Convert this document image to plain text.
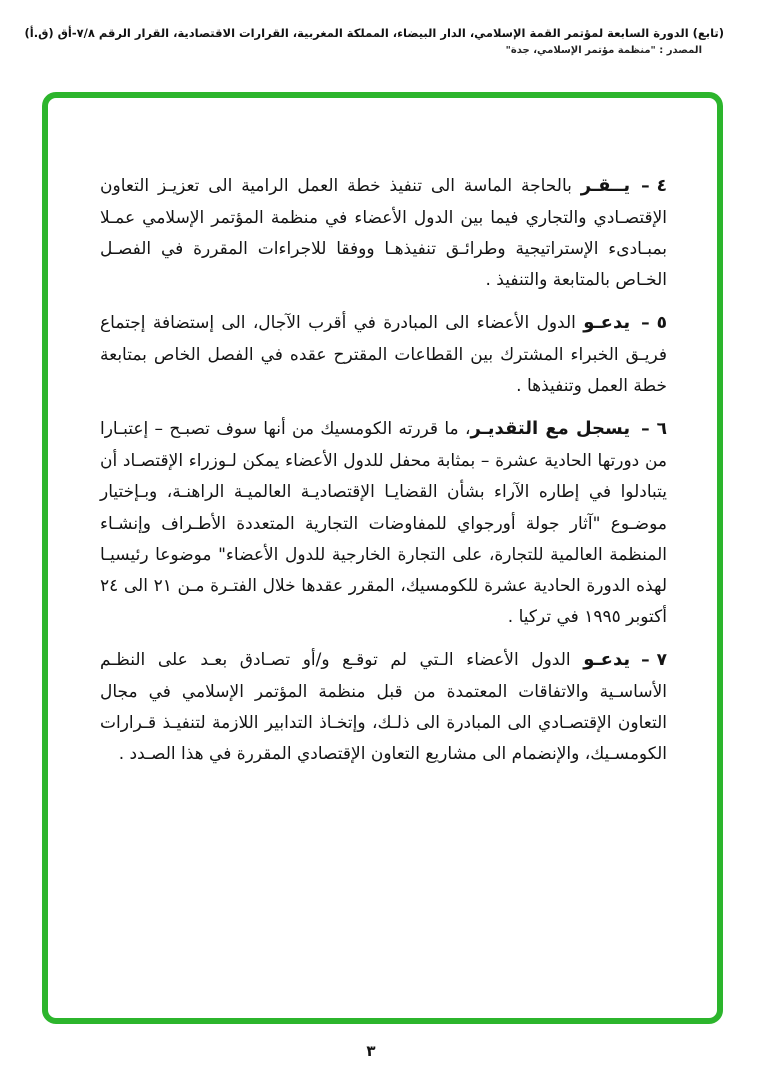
(تابع) الدورة السابعة لمؤتمر القمة الإسلامي، الدار البيضاء، المملكة المغربية، القرارات الاقتصادية، القرار الرقم ٧/٨-أق (ق.أ)
المصدر : "منظمة مؤتمر الإسلامي، جدة"
٤–يــقـر بالحاجة الماسة الى تنفيذ خطة العمل الرامية الى تعزيـز التعاون الإقتصـادي والتجاري فيما بين الدول الأعضاء في منظمة المؤتمر الإسلامي عمـلا بمبـادىء الإستراتيجية وطرائـق تنفيذهـا ووفقا للاجراءات المقررة في الفصـل الخـاص بالمتابعة والتنفيذ .
٥–يدعـو الدول الأعضاء الى المبادرة في أقرب الآجال، الى إستضافة إجتماع فريـق الخبراء المشترك بين القطاعات المقترح عقده في الفصل الخاص بمتابعة خطة العمل وتنفيذها .
٦–يسجل مع التقديـر، ما قررته الكومسيك من أنها سوف تصبـح – إعتبـارا من دورتها الحادية عشرة – بمثابة محفل للدول الأعضاء يمكن لـوزراء الإقتصـاد أن يتبادلوا في إطاره الآراء بشأن القضايـا الإقتصاديـة العالميـة الراهنـة، وبـإختيار موضـوع "آثار جولة أورجواي للمفاوضات التجارية المتعددة الأطـراف وإنشـاء المنظمة العالمية للتجارة، على التجارة الخارجية للدول الأعضاء" موضوعا رئيسيـا لهذه الدورة الحادية عشرة للكومسيك، المقرر عقدها خلال الفتـرة مـن ٢١ الى ٢٤ أكتوبر ١٩٩٥ في تركيا .
٧–يدعـو الدول الأعضاء الـتي لم توقـع و/أو تصـادق بعـد على النظـم الأساسـية والاتفاقات المعتمدة من قبل منظمة المؤتمر الإسلامي في مجال التعاون الإقتصـادي الى المبادرة الى ذلـك، وإتخـاذ التدابير اللازمة لتنفيـذ قـرارات الكومسـيك، والإنضمام الى مشاريع التعاون الإقتصادي المقررة في هذا الصـدد .
٣
